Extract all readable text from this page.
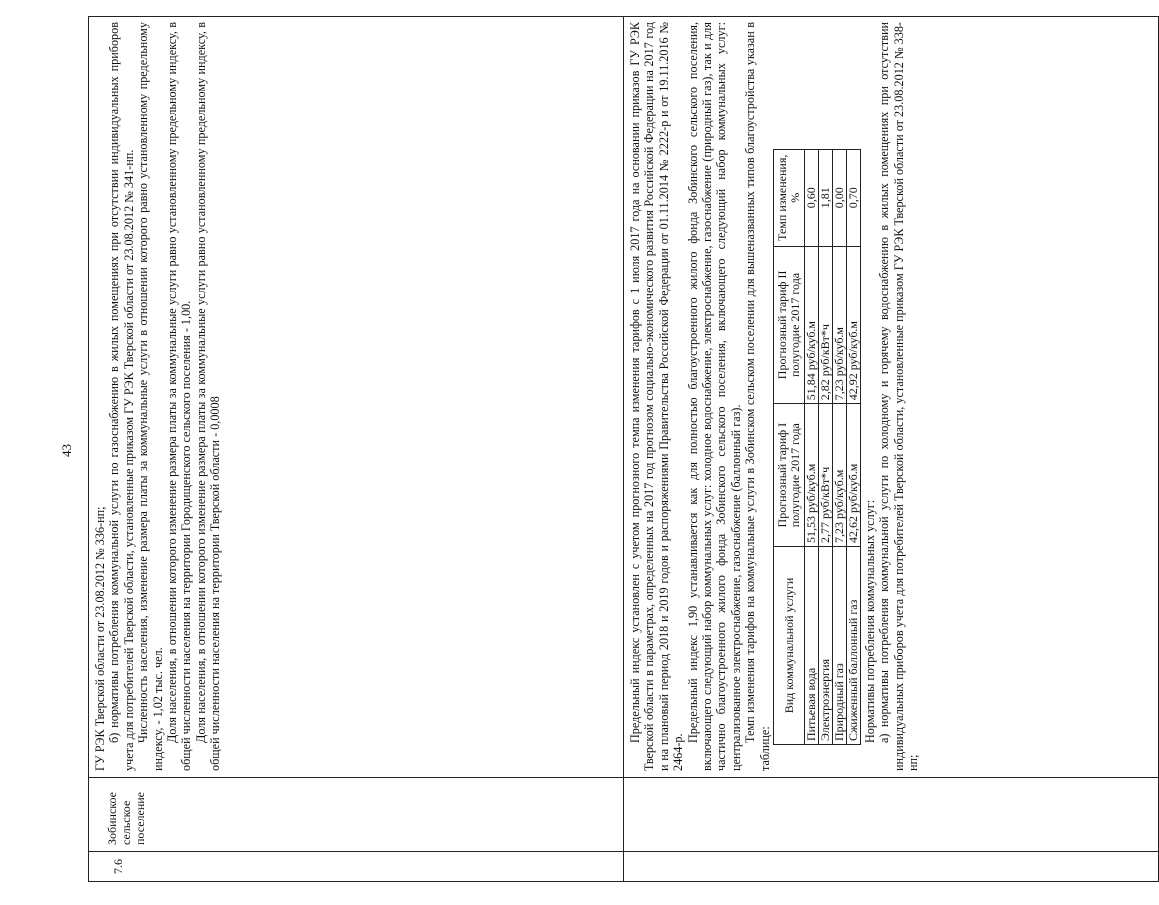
43
7.6

Зобинское сельское поселение

ГУ РЭК Тверской области от 23.08.2012 № 336-нп; б) нормативы потребления коммунальной услуги по газоснабжению в жилых помещениях при отсутствии индивидуальных приборов учета для потребителей Тверской области, установленные приказом ГУ РЭК Тверской области от 23.08.2012 № 341-нп. Численность населения, изменение размера платы за коммунальные услуги в отношении которого равно установленному предельному индексу, - 1,02 тыс. чел. Доля населения, в отношении которого изменение размера платы за коммунальные услуги равно установленному предельному индексу, в общей численности населения на территории Городищенского сельского поселения - 1,00. Доля населения, в отношении которого изменение размера платы за коммунальные услуги равно установленному предельному индексу, в общей численности населения на территории Тверской области - 0,0008

Предельный индекс установлен с учетом прогнозного темпа изменения тарифов с 1 июля 2017 года на основании приказов ГУ РЭК Тверской области в параметрах, определенных на 2017 год прогнозом социально-экономического развития Российской Федерации на 2017 год и на плановый период 2018 и 2019 годов и распоряжениями Правительства Российской Федерации от 01.11.2014 № 2222-р и от 19.11.2016 № 2464-р.

Предельный индекс 1,90 устанавливается как для полностью благоустроенного жилого фонда Зобинского сельского поселения, включающего следующий набор коммунальных услуг: холодное водоснабжение, электроснабжение, газоснабжение (природный газ), так и для частично благоустроенного жилого фонда Зобинского сельского поселения, включающего следующий набор коммунальных услуг: централизованное электроснабжение, газоснабжение (баллонный газ). Темп изменения тарифов на коммунальные услуги в Зобинском сельском поселении для вышеназванных типов благоустройства указан в таблице:

Вид коммунальной услуги	Прогнозный тариф I полугодие 2017 года	Прогнозный тариф II полугодие 2017 года	Темп изменения, %
Питьевая вода	51,53 руб/куб.м	51,84 руб/куб.м	0,60
Электроэнергия	2,77 руб/кВт*ч	2,82 руб/кВт*ч	1,81
Природный газ	7,23 руб/куб.м	7,23 руб/куб.м	0,00
Сжиженный баллонный газ	42,62 руб/куб.м	42,92 руб/куб.м	0,70

Нормативы потребления коммунальных услуг: а) нормативы потребления коммунальной услуги по холодному и горячему водоснабжению в жилых помещениях при отсутствии индивидуальных приборов учета для потребителей Тверской области, установленные приказом ГУ РЭК Тверской области от 23.08.2012 № 338-нп;
